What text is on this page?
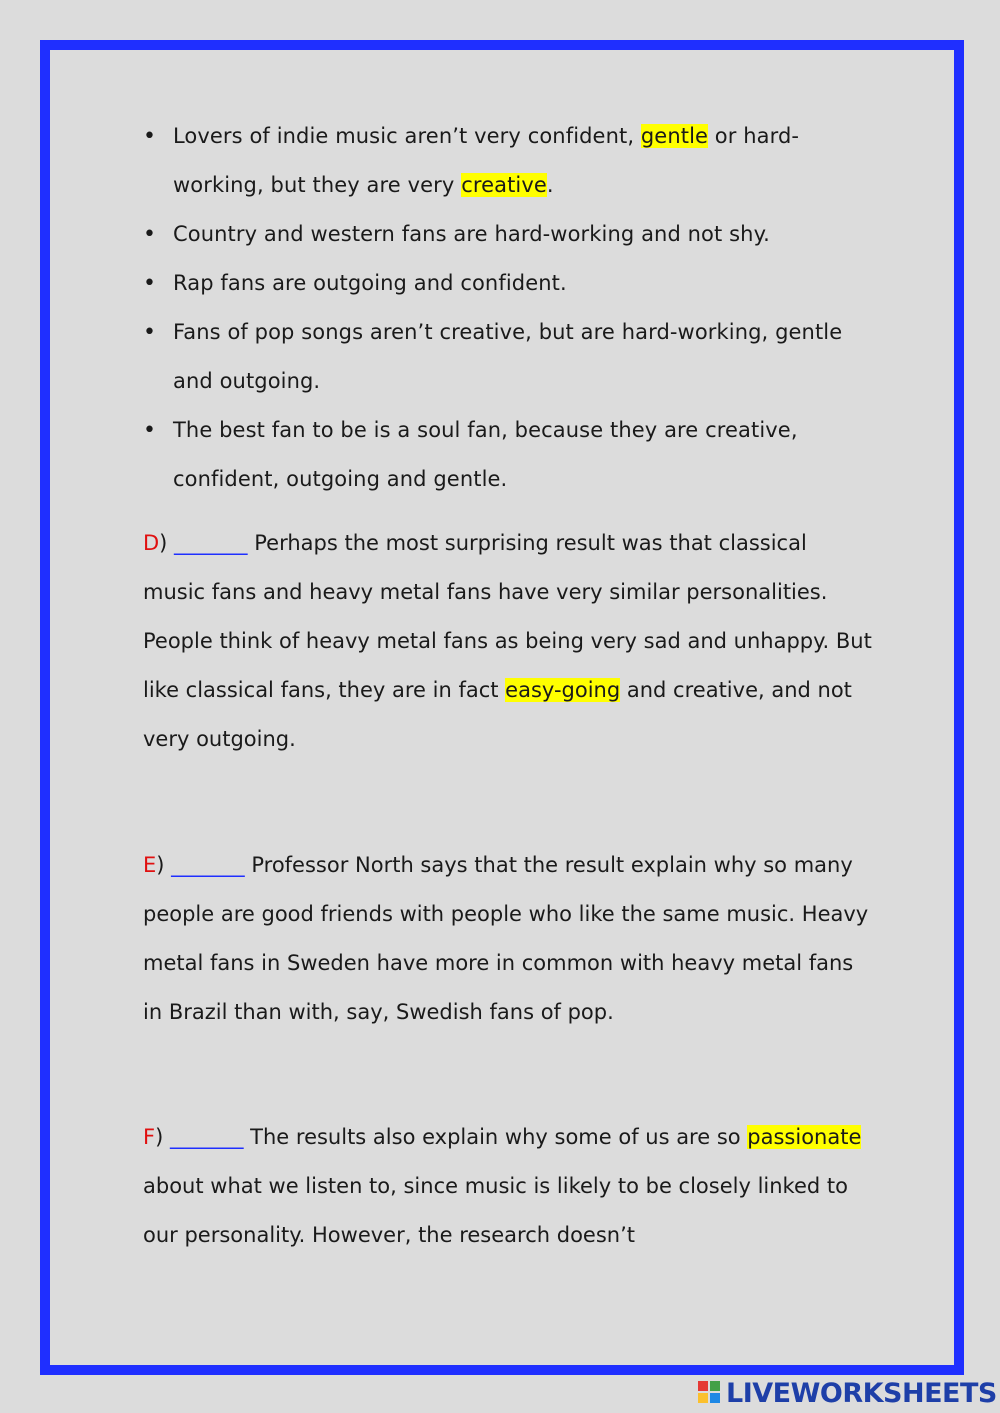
• Lovers of indie music aren’t very confident, gentle or hard-working, but they are very creative.
• Country and western fans are hard-working and not shy.
• Rap fans are outgoing and confident.
• Fans of pop songs aren’t creative, but are hard-working, gentle and outgoing.
• The best fan to be is a soul fan, because they are creative, confident, outgoing and gentle.

D) _______ Perhaps the most surprising result was that classical music fans and heavy metal fans have very similar personalities. People think of heavy metal fans as being very sad and unhappy. But like classical fans, they are in fact easy-going and creative, and not very outgoing.

E) _______ Professor North says that the result explain why so many people are good friends with people who like the same music. Heavy metal fans in Sweden have more in common with heavy metal fans in Brazil than with, say, Swedish fans of pop.

F) _______ The results also explain why some of us are so passionate about what we listen to, since music is likely to be closely linked to our personality. However, the research doesn’t

LIVEWORKSHEETS
